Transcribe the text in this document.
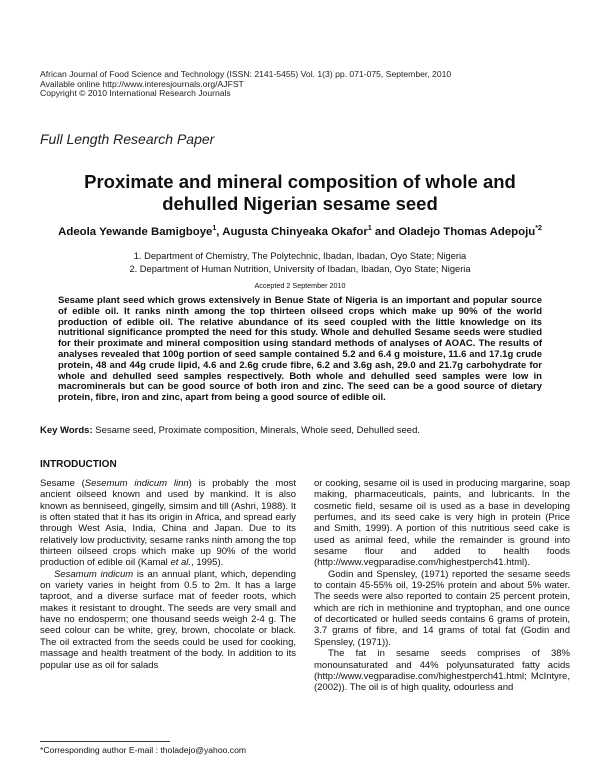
African Journal of Food Science and Technology (ISSN: 2141-5455) Vol. 1(3) pp. 071-075, September, 2010
Available online http://www.interesjournals.org/AJFST
Copyright © 2010 International Research Journals
Full Length Research Paper
Proximate and mineral composition of whole and
dehulled Nigerian sesame seed
Adeola Yewande Bamigboye$^1$, Augusta Chinyeaka Okafor$^1$ and Oladejo Thomas Adepoju$^{*2}$
1. Department of Chemistry, The Polytechnic, Ibadan, Ibadan, Oyo State; Nigeria
2. Department of Human Nutrition, University of Ibadan, Ibadan, Oyo State; Nigeria
Accepted 2 September 2010
Sesame plant seed which grows extensively in Benue State of Nigeria is an important and popular source of edible oil. It ranks ninth among the top thirteen oilseed crops which make up 90% of the world production of edible oil. The relative abundance of its seed coupled with the little knowledge on its nutritional significance prompted the need for this study. Whole and dehulled Sesame seeds were studied for their proximate and mineral composition using standard methods of analyses of AOAC. The results of analyses revealed that 100g portion of seed sample contained 5.2 and 6.4 g moisture, 11.6 and 17.1g crude protein, 48 and 44g crude lipid, 4.6 and 2.6g crude fibre, 6.2 and 3.6g ash, 29.0 and 21.7g carbohydrate for whole and dehulled seed samples respectively. Both whole and dehulled seed samples were low in macrominerals but can be good source of both iron and zinc. The seed can be a good source of dietary protein, fibre, iron and zinc, apart from being a good source of edible oil.
Key Words: Sesame seed, Proximate composition, Minerals, Whole seed, Dehulled seed.
INTRODUCTION

Sesame (Sesemum indicum linn) is probably the most ancient oilseed known and used by mankind. It is also known as benniseed, gingelly, simsim and till (Ashri, 1988). It is often stated that it has its origin in Africa, and spread early through West Asia, India, China and Japan. Due to its relatively low productivity, sesame ranks ninth among the top thirteen oilseed crops which make up 90% of the world production of edible oil (Kamal et al., 1995).

Sesamum indicum is an annual plant, which, depending on variety varies in height from 0.5 to 2m. It has a large taproot, and a diverse surface mat of feeder roots, which makes it resistant to drought. The seeds are very small and have no endosperm; one thousand seeds weigh 2-4 g. The seed colour can be white, grey, brown, chocolate or black. The oil extracted from the seeds could be used for cooking, massage and health treatment of the body. In addition to its popular use as oil for salads

or cooking, sesame oil is used in producing margarine, soap making, pharmaceuticals, paints, and lubricants. In the cosmetic field, sesame oil is used as a base in developing perfumes, and its seed cake is very high in protein (Price and Smith, 1999). A portion of this nutritious seed cake is used as animal feed, while the remainder is ground into sesame flour and added to health foods (http://www.vegparadise.com/highestperch41.html).

Godin and Spensley, (1971) reported the sesame seeds to contain 45-55% oil, 19-25% protein and about 5% water. The seeds were also reported to contain 25 percent protein, which are rich in methionine and tryptophan, and one ounce of decorticated or hulled seeds contains 6 grams of protein, 3.7 grams of fibre, and 14 grams of total fat (Godin and Spensley, (1971)).

The fat in sesame seeds comprises of 38% monounsaturated and 44% polyunsaturated fatty acids (http://www.vegparadise.com/highestperch41.html; McIntyre, (2002)). The oil is of high quality, odourless and

*Corresponding author E-mail : tholadejo@yahoo.com
